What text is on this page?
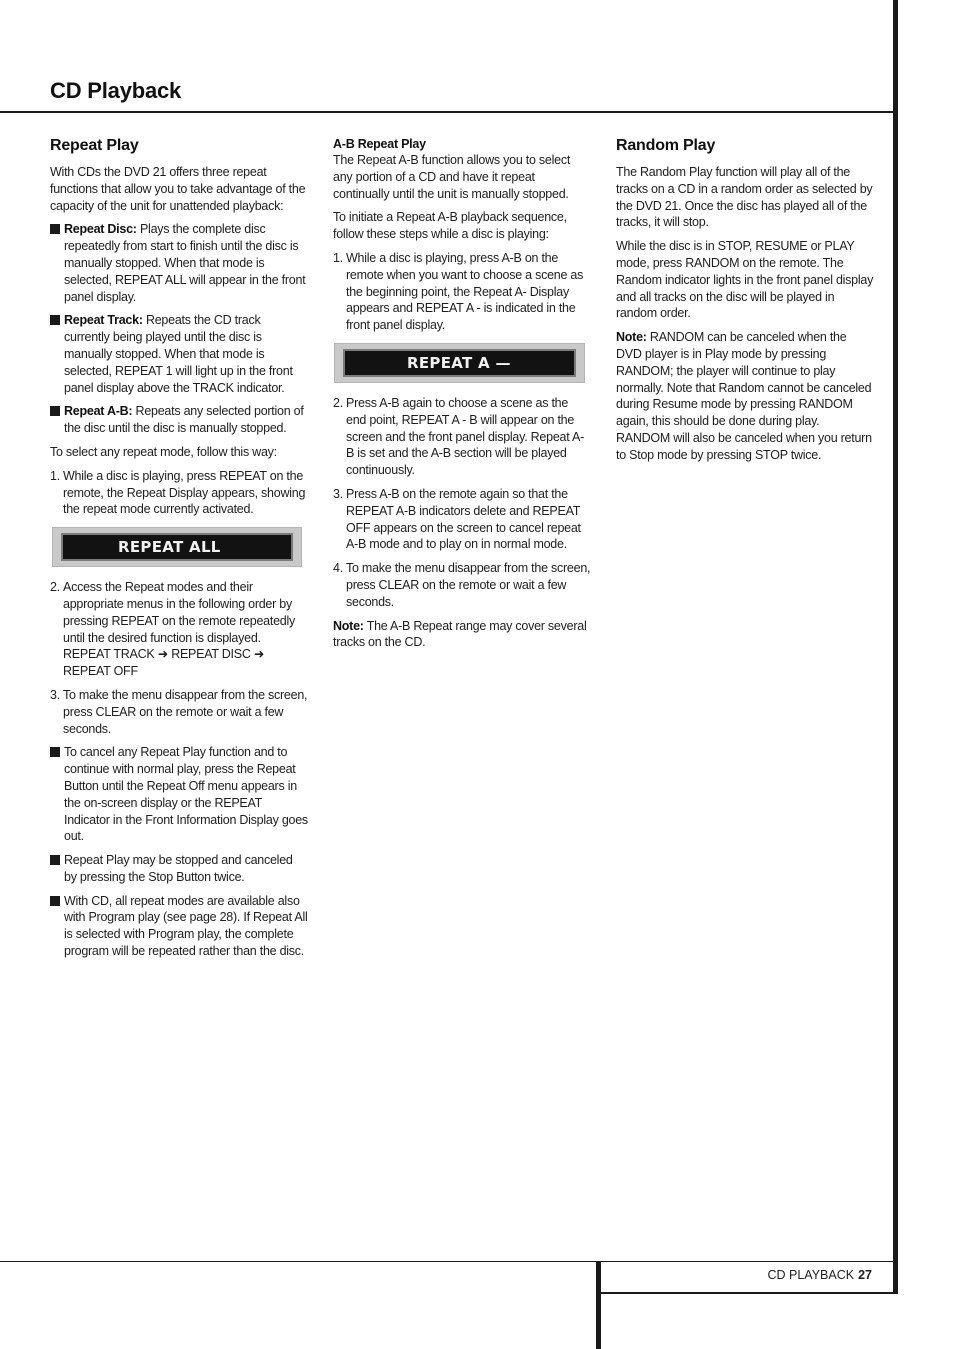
CD Playback
Repeat Play

With CDs the DVD 21 offers three repeat functions that allow you to take advantage of the capacity of the unit for unattended playback:

Repeat Disc: Plays the complete disc repeatedly from start to finish until the disc is manually stopped. When that mode is selected, REPEAT ALL will appear in the front panel display.
Repeat Track: Repeats the CD track currently being played until the disc is manually stopped. When that mode is selected, REPEAT 1 will light up in the front panel display above the TRACK indicator.
Repeat A-B: Repeats any selected portion of the disc until the disc is manually stopped.

To select any repeat mode, follow this way:

1. While a disc is playing, press REPEAT on the remote, the Repeat Display appears, showing the repeat mode currently activated.
REPEAT ALL
2. Access the Repeat modes and their appropriate menus in the following order by pressing REPEAT on the remote repeatedly until the desired function is displayed. REPEAT TRACK ➜ REPEAT DISC ➜ REPEAT OFF
3. To make the menu disappear from the screen, press CLEAR on the remote or wait a few seconds.
To cancel any Repeat Play function and to continue with normal play, press the Repeat Button until the Repeat Off menu appears in the on-screen display or the REPEAT Indicator in the Front Information Display goes out.
Repeat Play may be stopped and canceled by pressing the Stop Button twice.
With CD, all repeat modes are available also with Program play (see page 28). If Repeat All is selected with Program play, the complete program will be repeated rather than the disc.
A-B Repeat Play

The Repeat A-B function allows you to select any portion of a CD and have it repeat continually until the unit is manually stopped.

To initiate a Repeat A-B playback sequence, follow these steps while a disc is playing:

1. While a disc is playing, press A-B on the remote when you want to choose a scene as the beginning point, the Repeat A- Display appears and REPEAT A - is indicated in the front panel display.
REPEAT A —
2. Press A-B again to choose a scene as the end point, REPEAT A - B will appear on the screen and the front panel display. Repeat A-B is set and the A-B section will be played continuously.
3. Press A-B on the remote again so that the REPEAT A-B indicators delete and REPEAT OFF appears on the screen to cancel repeat A-B mode and to play on in normal mode.
4. To make the menu disappear from the screen, press CLEAR on the remote or wait a few seconds.

Note: The A-B Repeat range may cover several tracks on the CD.

Random Play

The Random Play function will play all of the tracks on a CD in a random order as selected by the DVD 21. Once the disc has played all of the tracks, it will stop.

While the disc is in STOP, RESUME or PLAY mode, press RANDOM on the remote. The Random indicator lights in the front panel display and all tracks on the disc will be played in random order.

Note: RANDOM can be canceled when the DVD player is in Play mode by pressing RANDOM; the player will continue to play normally. Note that Random cannot be canceled during Resume mode by pressing RANDOM again, this should be done during play. RANDOM will also be canceled when you return to Stop mode by pressing STOP twice.

CD PLAYBACK 27
